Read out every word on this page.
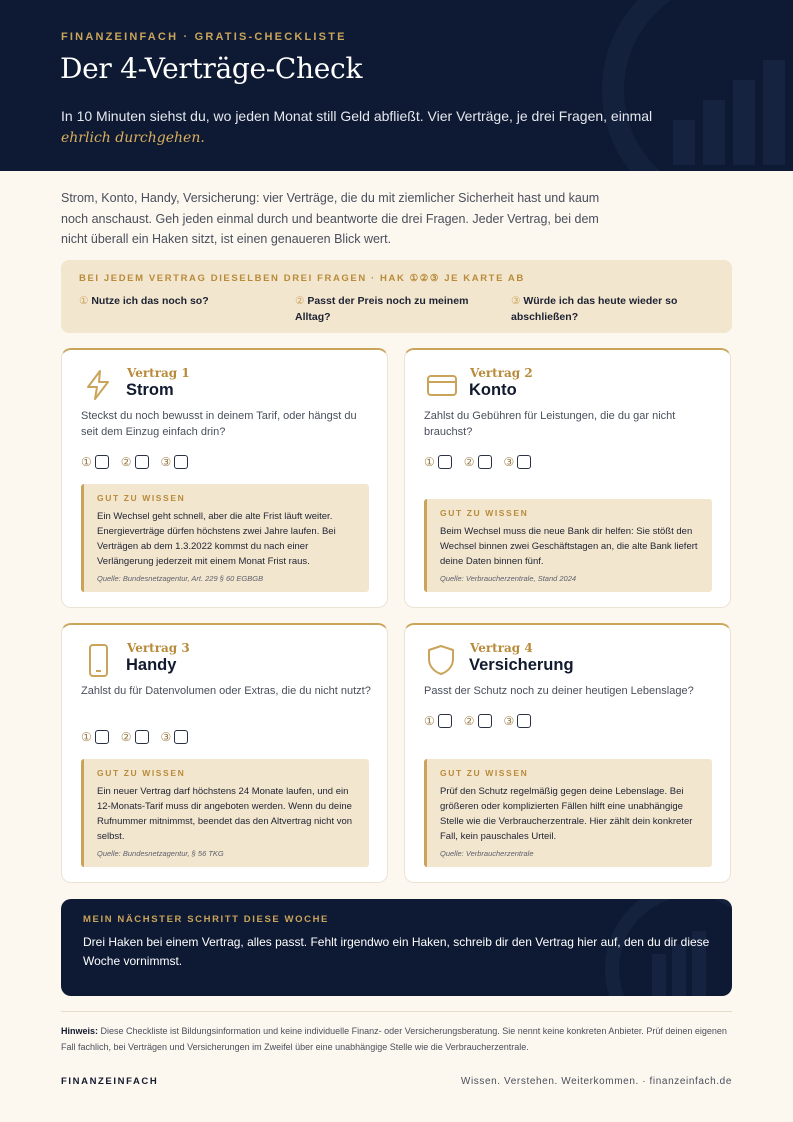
FINANZEINFACH · GRATIS-CHECKLISTE
Der 4-Verträge-Check

In 10 Minuten siehst du, wo jeden Monat still Geld abfließt. Vier Verträge, je drei Fragen, einmal
ehrlich durchgehen.

Strom, Konto, Handy, Versicherung: vier Verträge, die du mit ziemlicher Sicherheit hast und kaum noch anschaust. Geh jeden einmal durch und beantworte die drei Fragen. Jeder Vertrag, bei dem nicht überall ein Haken sitzt, ist einen genaueren Blick wert.

BEI JEDEM VERTRAG DIESELBEN DREI FRAGEN · HAK ①②③ JE KARTE AB
① Nutze ich das noch so?	② Passt der Preis noch zu meinem Alltag?
③ Würde ich das heute wieder so abschließen?
Vertrag 1
Strom
Steckst du noch bewusst in deinem Tarif, oder hängst du seit dem Einzug einfach drin?
① ② ③
GUT ZU WISSEN
Ein Wechsel geht schnell, aber die alte Frist läuft weiter. Energieverträge dürfen höchstens zwei Jahre laufen. Bei Verträgen ab dem 1.3.2022 kommst du nach einer Verlängerung jederzeit mit einem Monat Frist raus.
Quelle: Bundesnetzagentur, Art. 229 § 60 EGBGB
Vertrag 2
Konto
Zahlst du Gebühren für Leistungen, die du gar nicht brauchst?
① ② ③
GUT ZU WISSEN
Beim Wechsel muss die neue Bank dir helfen: Sie stößt den Wechsel binnen zwei Geschäftstagen an, die alte Bank liefert deine Daten binnen fünf.
Quelle: Verbraucherzentrale, Stand 2024
Vertrag 3
Handy
Zahlst du für Datenvolumen oder Extras, die du nicht nutzt?
① ② ③
GUT ZU WISSEN
Ein neuer Vertrag darf höchstens 24 Monate laufen, und ein 12-Monats-Tarif muss dir angeboten werden. Wenn du deine Rufnummer mitnimmst, beendet das den Altvertrag nicht von selbst.
Quelle: Bundesnetzagentur, § 56 TKG
Vertrag 4
Versicherung
Passt der Schutz noch zu deiner heutigen Lebenslage?
① ② ③
GUT ZU WISSEN
Prüf den Schutz regelmäßig gegen deine Lebenslage. Bei größeren oder komplizierten Fällen hilft eine unabhängige Stelle wie die Verbraucherzentrale. Hier zählt dein konkreter Fall, kein pauschales Urteil.
Quelle: Verbraucherzentrale
MEIN NÄCHSTER SCHRITT DIESE WOCHE
Drei Haken bei einem Vertrag, alles passt. Fehlt irgendwo ein Haken, schreib dir den Vertrag hier auf, den du dir diese Woche vornimmst.

Hinweis: Diese Checkliste ist Bildungsinformation und keine individuelle Finanz- oder Versicherungsberatung. Sie nennt keine konkreten Anbieter. Prüf deinen eigenen Fall fachlich, bei Verträgen und Versicherungen im Zweifel über eine unabhängige Stelle wie die Verbraucherzentrale.

FINANZEINFACH	Wissen. Verstehen. Weiterkommen. · finanzeinfach.de
